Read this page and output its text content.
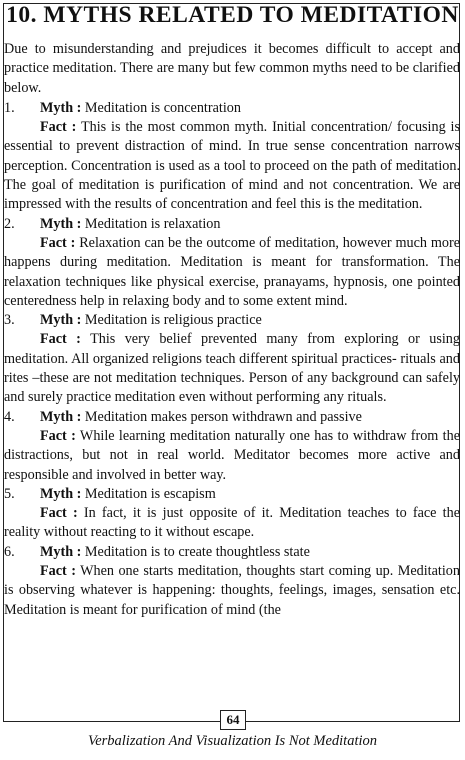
10. MYTHS RELATED TO MEDITATION

Due to misunderstanding and prejudices it becomes difficult to accept and practice meditation. There are many but few common myths need to be clarified below.

1.	Myth : Meditation is concentration

Fact : This is the most common myth. Initial concentration/ focusing is essential to prevent distraction of mind. In true sense concentration narrows perception. Concentration is used as a tool to proceed on the path of meditation. The goal of meditation is purification of mind and not concentration. We are impressed with the results of concentration and feel this is the meditation.

2.	Myth : Meditation is relaxation

Fact : Relaxation can be the outcome of meditation, however much more happens during meditation. Meditation is meant for transformation. The relaxation techniques like physical exercise, pranayams, hypnosis, one pointed centeredness help in relaxing body and to some extent mind.

3.	Myth : Meditation is religious practice

Fact : This very belief prevented many from exploring or using meditation. All organized religions teach different spiritual practices- rituals and rites –these are not meditation techniques. Person of any background can safely and surely practice meditation even without performing any rituals.

4.	Myth : Meditation makes person withdrawn and passive

Fact : While learning meditation naturally one has to withdraw from the distractions, but not in real world. Meditator becomes more active and responsible and involved in better way.

5.	Myth : Meditation is escapism

Fact : In fact, it is just opposite of it. Meditation teaches to face the reality without reacting to it without escape.

6.	Myth : Meditation is to create thoughtless state

Fact : When one starts meditation, thoughts start coming up. Meditation is observing whatever is happening: thoughts, feelings, images, sensation etc. Meditation is meant for purification of mind (the

64
Verbalization And Visualization Is Not Meditation
